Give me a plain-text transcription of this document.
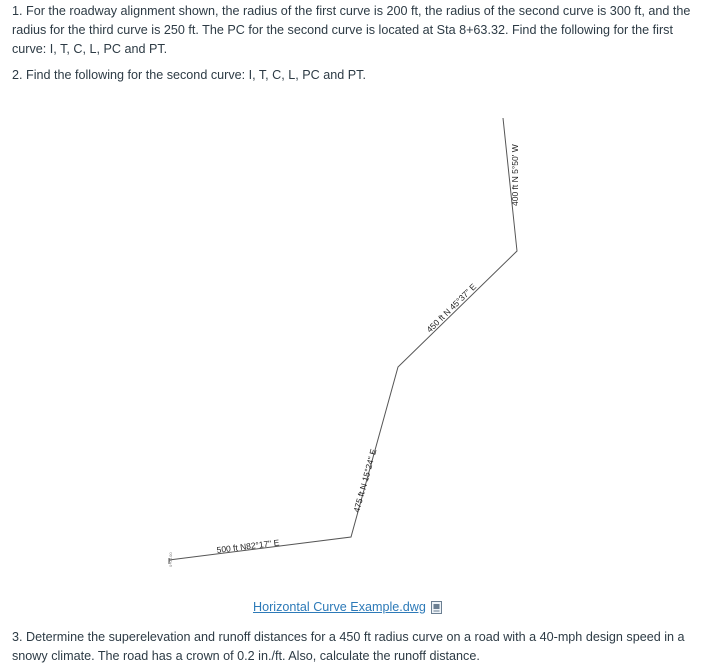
1. For the roadway alignment shown, the radius of the first curve is 200 ft, the radius of the second curve is 300 ft, and the radius for the third curve is 250 ft. The PC for the second curve is located at Sta 8+63.32. Find the following for the first curve: I, T, C, L, PC and PT.

2. Find the following for the second curve: I, T, C, L, PC and PT.

0+00.00
500 ft N82°17" E
475 ft N 15°24" E
450 ft N 45°37" E
400 ft N 5°50' W
Horizontal Curve Example.dwg

3. Determine the superelevation and runoff distances for a 450 ft radius curve on a road with a 40-mph design speed in a snowy climate. The road has a crown of 0.2 in./ft. Also, calculate the runoff distance.
